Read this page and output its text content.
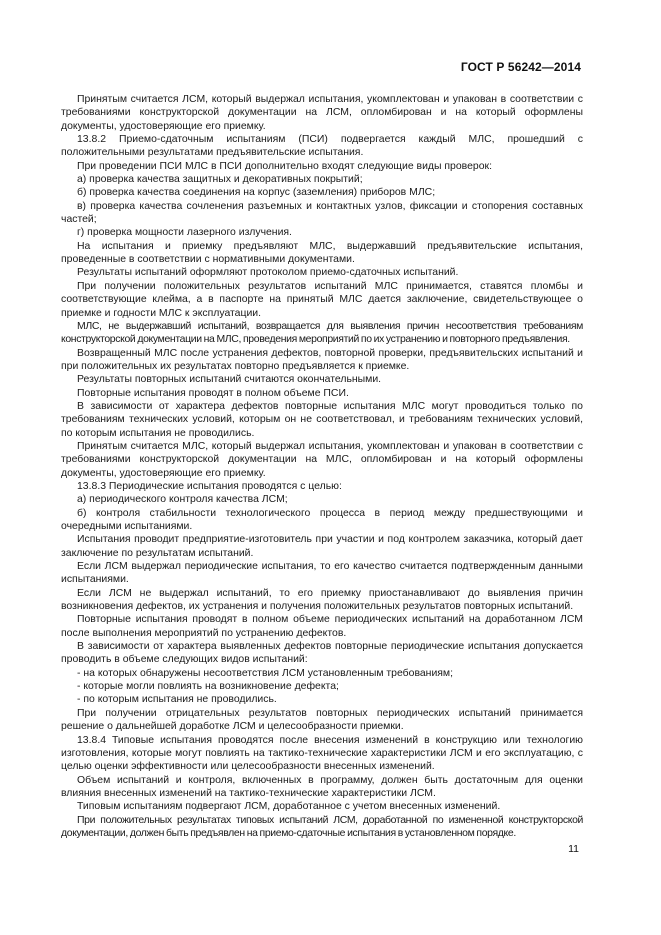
ГОСТ Р 56242—2014

Принятым считается ЛСМ, который выдержал испытания, укомплектован и упакован в соответствии с требованиями конструкторской документации на ЛСМ, опломбирован и на который оформлены документы, удостоверяющие его приемку.

13.8.2 Приемо-сдаточным испытаниям (ПСИ) подвергается каждый МЛС, прошедший с положительными результатами предъявительские испытания.

При проведении ПСИ МЛС в ПСИ дополнительно входят следующие виды проверок:

а) проверка качества защитных и декоративных покрытий;

б) проверка качества соединения на корпус (заземления) приборов МЛС;

в) проверка качества сочленения разъемных и контактных узлов, фиксации и стопорения составных частей;

г) проверка мощности лазерного излучения.

На испытания и приемку предъявляют МЛС, выдержавший предъявительские испытания, проведенные в соответствии с нормативными документами.

Результаты испытаний оформляют протоколом приемо-сдаточных испытаний.

При получении положительных результатов испытаний МЛС принимается, ставятся пломбы и соответствующие клейма, а в паспорте на принятый МЛС дается заключение, свидетельствующее о приемке и годности МЛС к эксплуатации.

МЛС, не выдержавший испытаний, возвращается для выявления причин несоответствия требованиям конструкторской документации на МЛС, проведения мероприятий по их устранению и повторного предъявления.

Возвращенный МЛС после устранения дефектов, повторной проверки, предъявительских испытаний и при положительных их результатах повторно предъявляется к приемке.

Результаты повторных испытаний считаются окончательными.

Повторные испытания проводят в полном объеме ПСИ.

В зависимости от характера дефектов повторные испытания МЛС могут проводиться только по требованиям технических условий, которым он не соответствовал, и требованиям технических условий, по которым испытания не проводились.

Принятым считается МЛС, который выдержал испытания, укомплектован и упакован в соответствии с требованиями конструкторской документации на МЛС, опломбирован и на который оформлены документы, удостоверяющие его приемку.

13.8.3 Периодические испытания проводятся с целью:

а) периодического контроля качества ЛСМ;

б) контроля стабильности технологического процесса в период между предшествующими и очередными испытаниями.

Испытания проводит предприятие-изготовитель при участии и под контролем заказчика, который дает заключение по результатам испытаний.

Если ЛСМ выдержал периодические испытания, то его качество считается подтвержденным данными испытаниями.

Если ЛСМ не выдержал испытаний, то его приемку приостанавливают до выявления причин возникновения дефектов, их устранения и получения положительных результатов повторных испытаний.

Повторные испытания проводят в полном объеме периодических испытаний на доработанном ЛСМ после выполнения мероприятий по устранению дефектов.

В зависимости от характера выявленных дефектов повторные периодические испытания допускается проводить в объеме следующих видов испытаний:

- на которых обнаружены несоответствия ЛСМ установленным требованиям;

- которые могли повлиять на возникновение дефекта;

- по которым испытания не проводились.

При получении отрицательных результатов повторных периодических испытаний принимается решение о дальнейшей доработке ЛСМ и целесообразности приемки.

13.8.4 Типовые испытания проводятся после внесения изменений в конструкцию или технологию изготовления, которые могут повлиять на тактико-технические характеристики ЛСМ и его эксплуатацию, с целью оценки эффективности или целесообразности внесенных изменений.

Объем испытаний и контроля, включенных в программу, должен быть достаточным для оценки влияния внесенных изменений на тактико-технические характеристики ЛСМ.

Типовым испытаниям подвергают ЛСМ, доработанное с учетом внесенных изменений.

При положительных результатах типовых испытаний ЛСМ, доработанной по измененной конструкторской документации, должен быть предъявлен на приемо-сдаточные испытания в установленном порядке.

11
